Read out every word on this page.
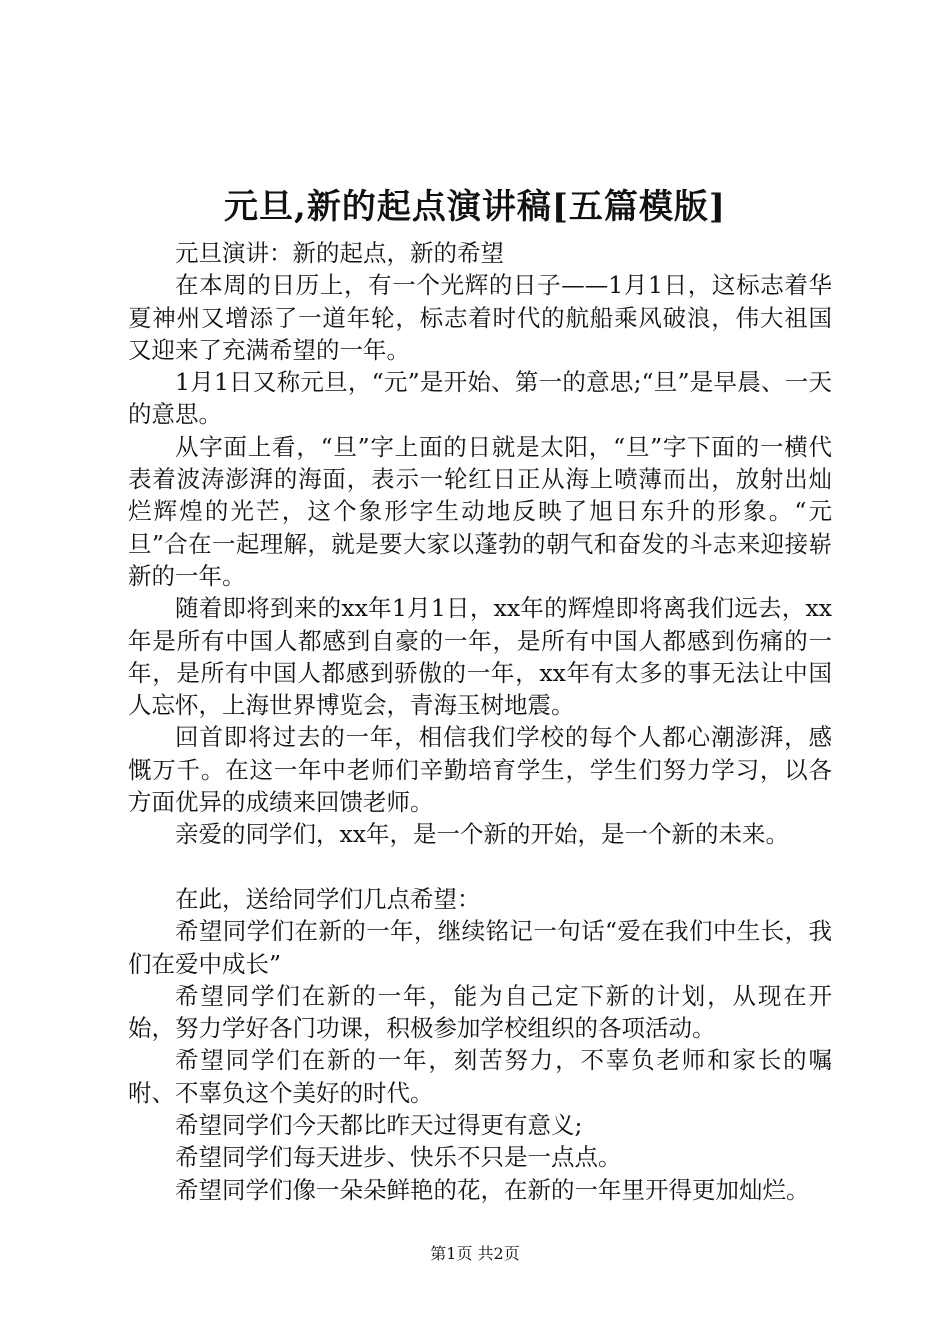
元旦,新的起点演讲稿[五篇模版]

元旦演讲：新的起点，新的希望

在本周的日历上，有一个光辉的日子——1月1日，这标志着华夏神州又增添了一道年轮，标志着时代的航船乘风破浪，伟大祖国又迎来了充满希望的一年。

1月1日又称元旦，“元”是开始、第一的意思;“旦”是早晨、一天的意思。

从字面上看，“旦”字上面的日就是太阳，“旦”字下面的一横代表着波涛澎湃的海面，表示一轮红日正从海上喷薄而出，放射出灿烂辉煌的光芒，这个象形字生动地反映了旭日东升的形象。“元旦”合在一起理解，就是要大家以蓬勃的朝气和奋发的斗志来迎接崭新的一年。

随着即将到来的xx年1月1日，xx年的辉煌即将离我们远去，xx年是所有中国人都感到自豪的一年，是所有中国人都感到伤痛的一年，是所有中国人都感到骄傲的一年，xx年有太多的事无法让中国人忘怀，上海世界博览会，青海玉树地震。

回首即将过去的一年，相信我们学校的每个人都心潮澎湃，感慨万千。在这一年中老师们辛勤培育学生，学生们努力学习，以各方面优异的成绩来回馈老师。

亲爱的同学们，xx年，是一个新的开始，是一个新的未来。

在此，送给同学们几点希望：

希望同学们在新的一年，继续铭记一句话“爱在我们中生长，我们在爱中成长”

希望同学们在新的一年，能为自己定下新的计划，从现在开始，努力学好各门功课，积极参加学校组织的各项活动。

希望同学们在新的一年，刻苦努力，不辜负老师和家长的嘱咐、不辜负这个美好的时代。

希望同学们今天都比昨天过得更有意义;

希望同学们每天进步、快乐不只是一点点。

希望同学们像一朵朵鲜艳的花，在新的一年里开得更加灿烂。

第1页 共2页
